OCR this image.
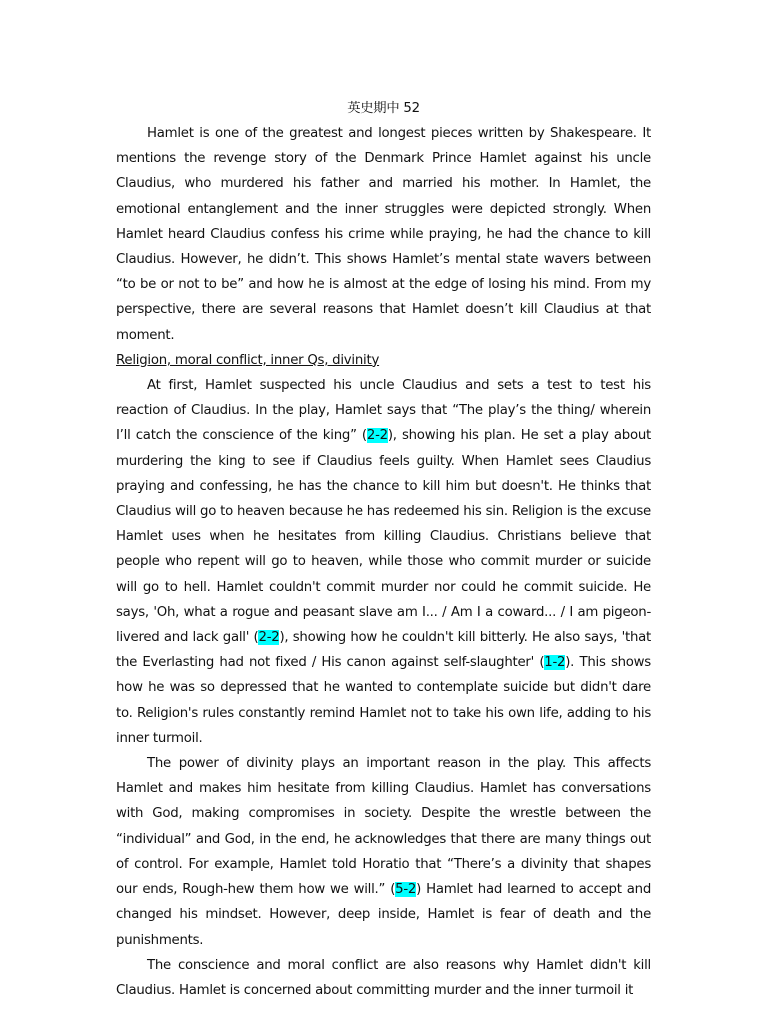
英史期中 52

Hamlet is one of the greatest and longest pieces written by Shakespeare. It mentions the revenge story of the Denmark Prince Hamlet against his uncle Claudius, who murdered his father and married his mother. In Hamlet, the emotional entanglement and the inner struggles were depicted strongly. When Hamlet heard Claudius confess his crime while praying, he had the chance to kill Claudius. However, he didn’t. This shows Hamlet’s mental state wavers between “to be or not to be” and how he is almost at the edge of losing his mind. From my perspective, there are several reasons that Hamlet doesn’t kill Claudius at that moment.

Religion, moral conflict, inner Qs, divinity

At first, Hamlet suspected his uncle Claudius and sets a test to test his reaction of Claudius. In the play, Hamlet says that “The play’s the thing/ wherein I’ll catch the conscience of the king” (2-2), showing his plan. He set a play about murdering the king to see if Claudius feels guilty. When Hamlet sees Claudius praying and confessing, he has the chance to kill him but doesn't. He thinks that Claudius will go to heaven because he has redeemed his sin. Religion is the excuse Hamlet uses when he hesitates from killing Claudius. Christians believe that people who repent will go to heaven, while those who commit murder or suicide will go to hell. Hamlet couldn't commit murder nor could he commit suicide. He says, 'Oh, what a rogue and peasant slave am I... / Am I a coward... / I am pigeon-livered and lack gall' (2-2), showing how he couldn't kill bitterly. He also says, 'that the Everlasting had not fixed / His canon against self-slaughter' (1-2). This shows how he was so depressed that he wanted to contemplate suicide but didn't dare to. Religion's rules constantly remind Hamlet not to take his own life, adding to his inner turmoil.

The power of divinity plays an important reason in the play. This affects Hamlet and makes him hesitate from killing Claudius. Hamlet has conversations with God, making compromises in society. Despite the wrestle between the “individual” and God, in the end, he acknowledges that there are many things out of control. For example, Hamlet told Horatio that “There’s a divinity that shapes our ends, Rough-hew them how we will.” (5-2) Hamlet had learned to accept and changed his mindset. However, deep inside, Hamlet is fear of death and the punishments.

The conscience and moral conflict are also reasons why Hamlet didn't kill Claudius. Hamlet is concerned about committing murder and the inner turmoil it
